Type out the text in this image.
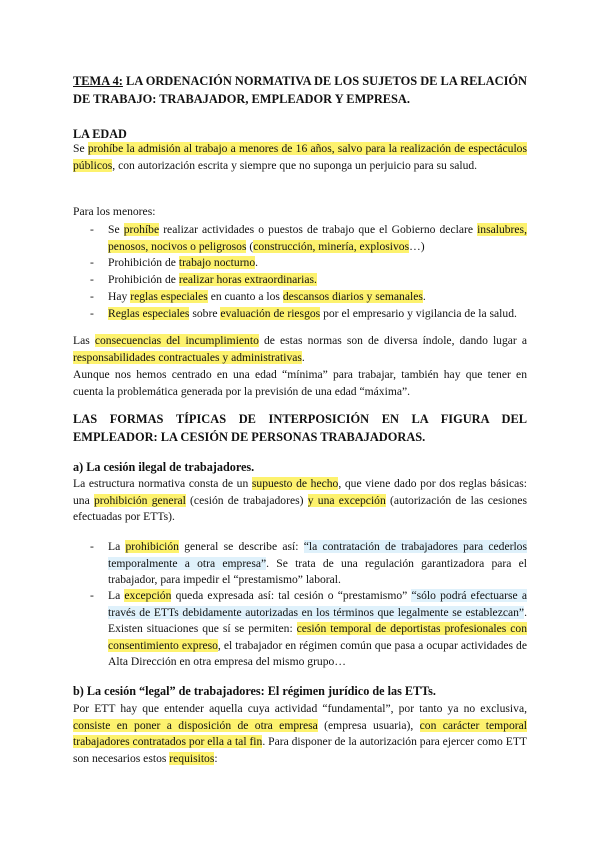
TEMA 4: LA ORDENACIÓN NORMATIVA DE LOS SUJETOS DE LA RELACIÓN DE TRABAJO: TRABAJADOR, EMPLEADOR Y EMPRESA.
LA EDAD
Se prohíbe la admisión al trabajo a menores de 16 años, salvo para la realización de espectáculos públicos, con autorización escrita y siempre que no suponga un perjuicio para su salud.
Para los menores:
- Se prohíbe realizar actividades o puestos de trabajo que el Gobierno declare insalubres, penosos, nocivos o peligrosos (construcción, minería, explosivos…)
- Prohibición de trabajo nocturno.
- Prohibición de realizar horas extraordinarias.
- Hay reglas especiales en cuanto a los descansos diarios y semanales.
- Reglas especiales sobre evaluación de riesgos por el empresario y vigilancia de la salud.
Las consecuencias del incumplimiento de estas normas son de diversa índole, dando lugar a responsabilidades contractuales y administrativas.
Aunque nos hemos centrado en una edad “mínima” para trabajar, también hay que tener en cuenta la problemática generada por la previsión de una edad “máxima”.
LAS FORMAS TÍPICAS DE INTERPOSICIÓN EN LA FIGURA DEL EMPLEADOR: LA CESIÓN DE PERSONAS TRABAJADORAS.
a) La cesión ilegal de trabajadores.
La estructura normativa consta de un supuesto de hecho, que viene dado por dos reglas básicas: una prohibición general (cesión de trabajadores) y una excepción (autorización de las cesiones efectuadas por ETTs).
- La prohibición general se describe así: “la contratación de trabajadores para cederlos temporalmente a otra empresa”. Se trata de una regulación garantizadora para el trabajador, para impedir el “prestamismo” laboral.
- La excepción queda expresada así: tal cesión o “prestamismo” “sólo podrá efectuarse a través de ETTs debidamente autorizadas en los términos que legalmente se establezcan”. Existen situaciones que sí se permiten: cesión temporal de deportistas profesionales con consentimiento expreso, el trabajador en régimen común que pasa a ocupar actividades de Alta Dirección en otra empresa del mismo grupo…
b) La cesión “legal” de trabajadores: El régimen jurídico de las ETTs.
Por ETT hay que entender aquella cuya actividad “fundamental”, por tanto ya no exclusiva, consiste en poner a disposición de otra empresa (empresa usuaria), con carácter temporal trabajadores contratados por ella a tal fin. Para disponer de la autorización para ejercer como ETT son necesarios estos requisitos:
